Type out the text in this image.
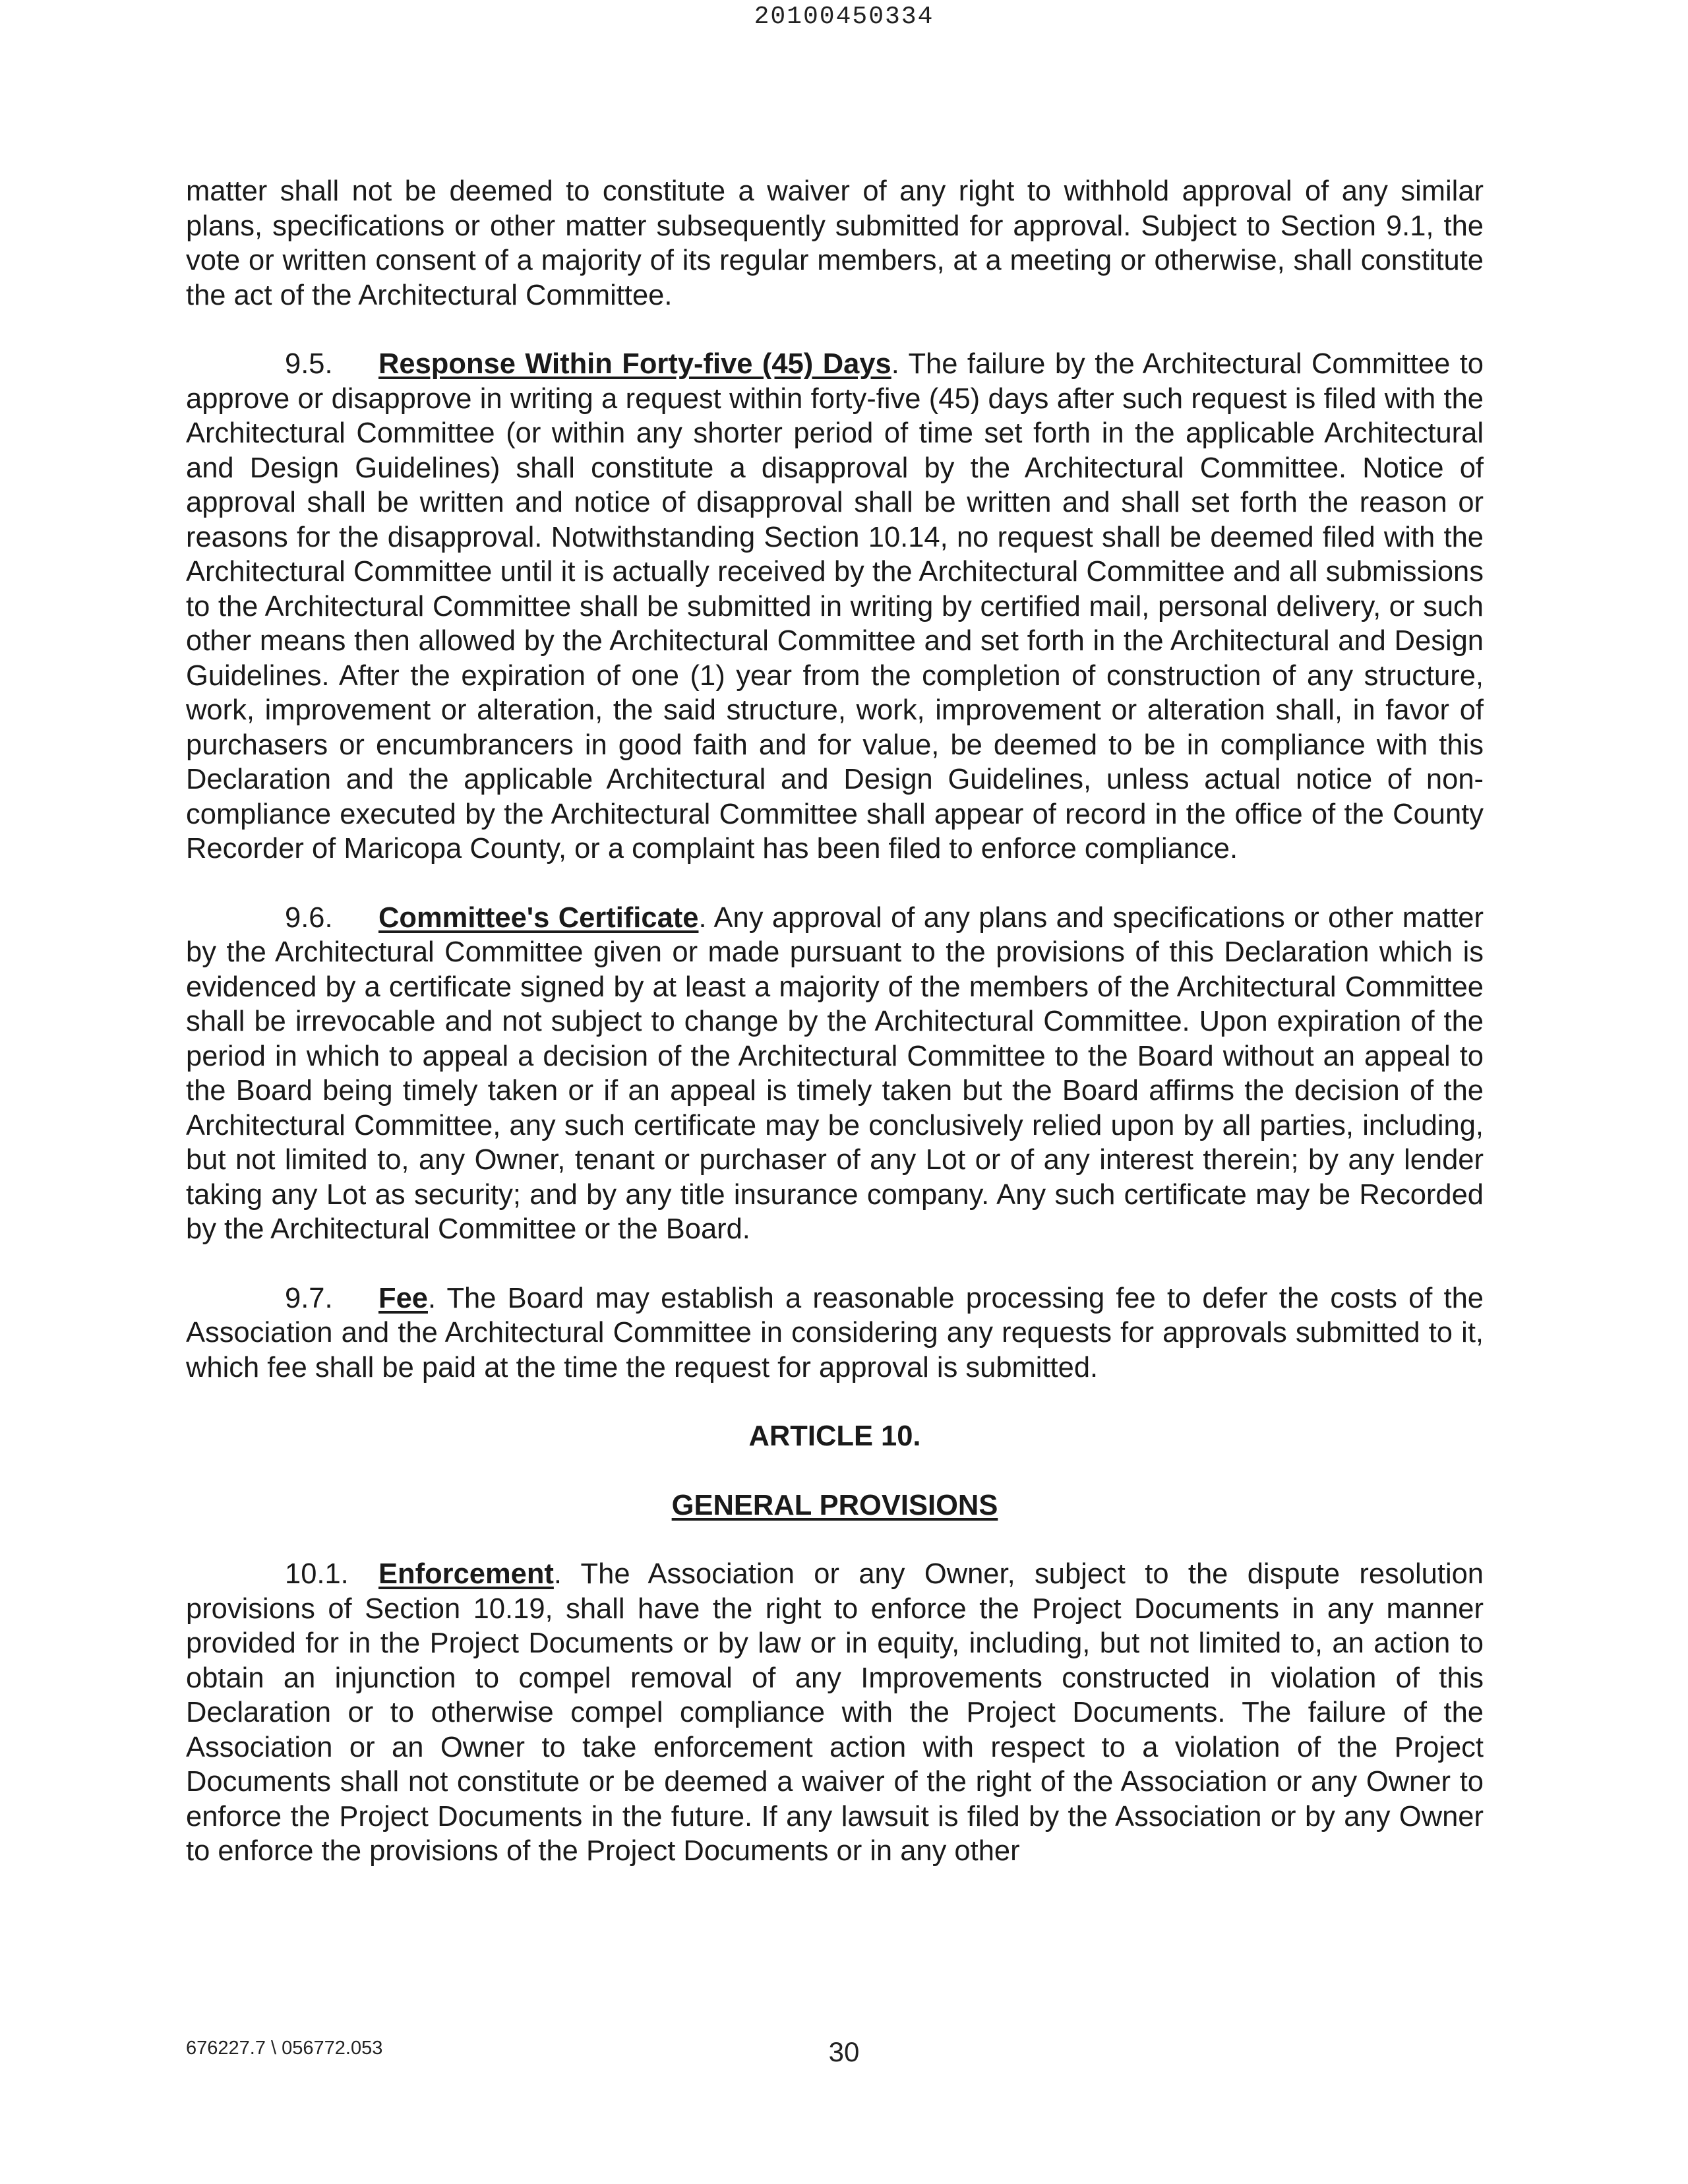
20100450334

matter shall not be deemed to constitute a waiver of any right to withhold approval of any similar plans, specifications or other matter subsequently submitted for approval. Subject to Section 9.1, the vote or written consent of a majority of its regular members, at a meeting or otherwise, shall constitute the act of the Architectural Committee.

9.5. Response Within Forty-five (45) Days. The failure by the Architectural Committee to approve or disapprove in writing a request within forty-five (45) days after such request is filed with the Architectural Committee (or within any shorter period of time set forth in the applicable Architectural and Design Guidelines) shall constitute a disapproval by the Architectural Committee. Notice of approval shall be written and notice of disapproval shall be written and shall set forth the reason or reasons for the disapproval. Notwithstanding Section 10.14, no request shall be deemed filed with the Architectural Committee until it is actually received by the Architectural Committee and all submissions to the Architectural Committee shall be submitted in writing by certified mail, personal delivery, or such other means then allowed by the Architectural Committee and set forth in the Architectural and Design Guidelines. After the expiration of one (1) year from the completion of construction of any structure, work, improvement or alteration, the said structure, work, improvement or alteration shall, in favor of purchasers or encumbrancers in good faith and for value, be deemed to be in compliance with this Declaration and the applicable Architectural and Design Guidelines, unless actual notice of non-compliance executed by the Architectural Committee shall appear of record in the office of the County Recorder of Maricopa County, or a complaint has been filed to enforce compliance.

9.6. Committee's Certificate. Any approval of any plans and specifications or other matter by the Architectural Committee given or made pursuant to the provisions of this Declaration which is evidenced by a certificate signed by at least a majority of the members of the Architectural Committee shall be irrevocable and not subject to change by the Architectural Committee. Upon expiration of the period in which to appeal a decision of the Architectural Committee to the Board without an appeal to the Board being timely taken or if an appeal is timely taken but the Board affirms the decision of the Architectural Committee, any such certificate may be conclusively relied upon by all parties, including, but not limited to, any Owner, tenant or purchaser of any Lot or of any interest therein; by any lender taking any Lot as security; and by any title insurance company. Any such certificate may be Recorded by the Architectural Committee or the Board.

9.7. Fee. The Board may establish a reasonable processing fee to defer the costs of the Association and the Architectural Committee in considering any requests for approvals submitted to it, which fee shall be paid at the time the request for approval is submitted.

ARTICLE 10.
GENERAL PROVISIONS

10.1. Enforcement. The Association or any Owner, subject to the dispute resolution provisions of Section 10.19, shall have the right to enforce the Project Documents in any manner provided for in the Project Documents or by law or in equity, including, but not limited to, an action to obtain an injunction to compel removal of any Improvements constructed in violation of this Declaration or to otherwise compel compliance with the Project Documents. The failure of the Association or an Owner to take enforcement action with respect to a violation of the Project Documents shall not constitute or be deemed a waiver of the right of the Association or any Owner to enforce the Project Documents in the future. If any lawsuit is filed by the Association or by any Owner to enforce the provisions of the Project Documents or in any other

676227.7 \ 056772.053	30
